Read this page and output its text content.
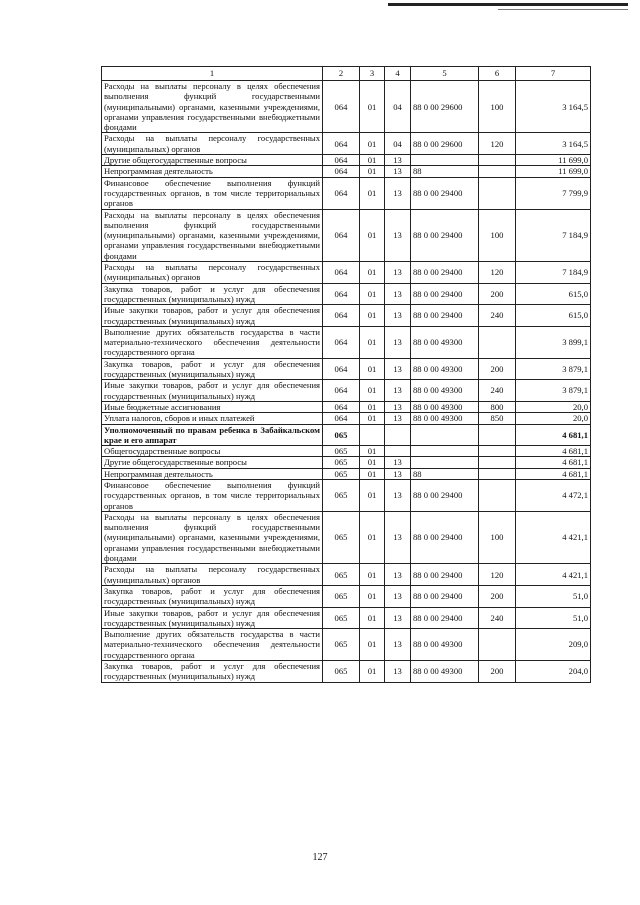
1	2	3	4	5	6	7
Расходы на выплаты персоналу в целях обеспечения выполнения функций государственными (муниципальными) органами, казенными учреждениями, органами управления государственными внебюджетными фондами	064	01	04	88 0 00 29600	100	3 164,5
Расходы на выплаты персоналу государственных (муниципальных) органов	064	01	04	88 0 00 29600	120	3 164,5
Другие общегосударственные вопросы	064	01	13			11 699,0
Непрограммная деятельность	064	01	13	88		11 699,0
Финансовое обеспечение выполнения функций государственных органов, в том числе территориальных органов	064	01	13	88 0 00 29400		7 799,9
Расходы на выплаты персоналу в целях обеспечения выполнения функций государственными (муниципальными) органами, казенными учреждениями, органами управления государственными внебюджетными фондами	064	01	13	88 0 00 29400	100	7 184,9
Расходы на выплаты персоналу государственных (муниципальных) органов	064	01	13	88 0 00 29400	120	7 184,9
Закупка товаров, работ и услуг для обеспечения государственных (муниципальных) нужд	064	01	13	88 0 00 29400	200	615,0
Иные закупки товаров, работ и услуг для обеспечения государственных (муниципальных) нужд	064	01	13	88 0 00 29400	240	615,0
Выполнение других обязательств государства в части материально-технического обеспечения деятельности государственного органа	064	01	13	88 0 00 49300		3 899,1
Закупка товаров, работ и услуг для обеспечения государственных (муниципальных) нужд	064	01	13	88 0 00 49300	200	3 879,1
Иные закупки товаров, работ и услуг для обеспечения государственных (муниципальных) нужд	064	01	13	88 0 00 49300	240	3 879,1
Иные бюджетные ассигнования	064	01	13	88 0 00 49300	800	20,0
Уплата налогов, сборов и иных платежей	064	01	13	88 0 00 49300	850	20,0
Уполномоченный по правам ребенка в Забайкальском крае и его аппарат	065					4 681,1
Общегосударственные вопросы	065	01				4 681,1
Другие общегосударственные вопросы	065	01	13			4 681,1
Непрограммная деятельность	065	01	13	88		4 681,1
Финансовое обеспечение выполнения функций государственных органов, в том числе территориальных органов	065	01	13	88 0 00 29400		4 472,1
Расходы на выплаты персоналу в целях обеспечения выполнения функций государственными (муниципальными) органами, казенными учреждениями, органами управления государственными внебюджетными фондами	065	01	13	88 0 00 29400	100	4 421,1
Расходы на выплаты персоналу государственных (муниципальных) органов	065	01	13	88 0 00 29400	120	4 421,1
Закупка товаров, работ и услуг для обеспечения государственных (муниципальных) нужд	065	01	13	88 0 00 29400	200	51,0
Иные закупки товаров, работ и услуг для обеспечения государственных (муниципальных) нужд	065	01	13	88 0 00 29400	240	51,0
Выполнение других обязательств государства в части материально-технического обеспечения деятельности государственного органа	065	01	13	88 0 00 49300		209,0
Закупка товаров, работ и услуг для обеспечения государственных (муниципальных) нужд	065	01	13	88 0 00 49300	200	204,0
127
